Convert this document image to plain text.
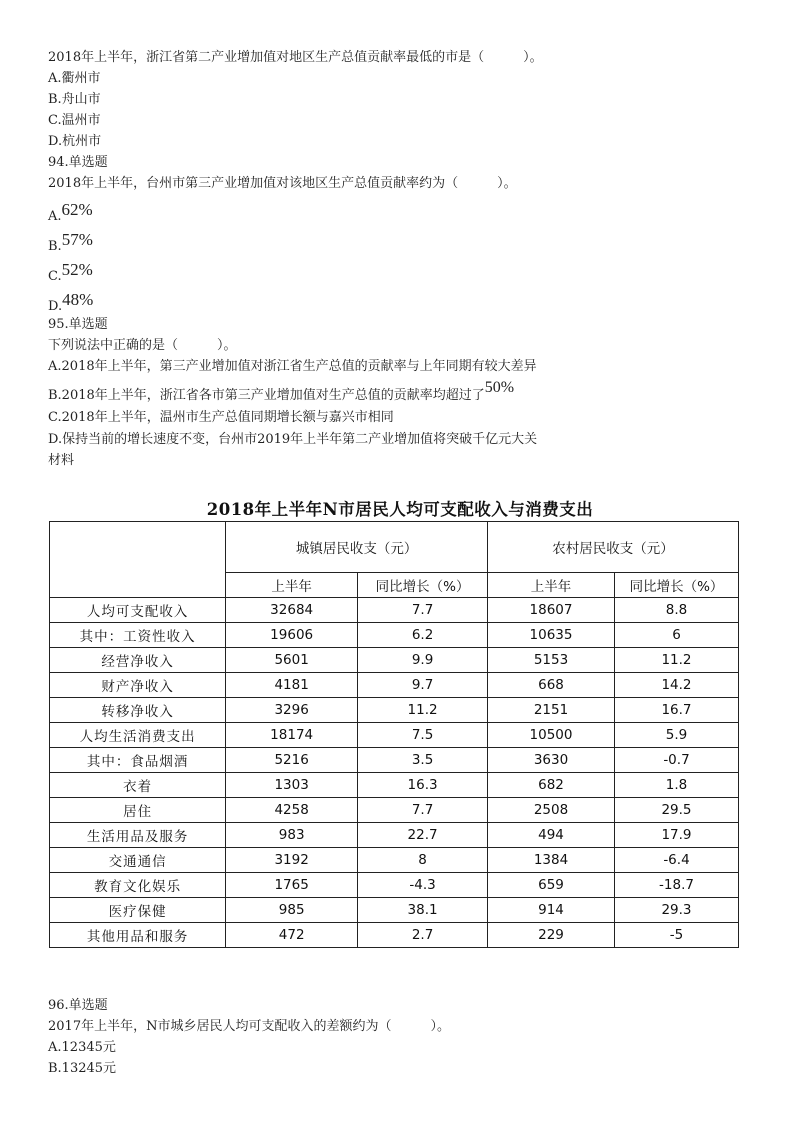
2018年上半年，浙江省第二产业增加值对地区生产总值贡献率最低的市是（　　　）。
A.衢州市
B.舟山市
C.温州市
D.杭州市
94.单选题
2018年上半年，台州市第三产业增加值对该地区生产总值贡献率约为（　　　）。
A.62%
B.57%
C.52%
D.48%
95.单选题
下列说法中正确的是（　　　）。
A.2018年上半年，第三产业增加值对浙江省生产总值的贡献率与上年同期有较大差异
B.2018年上半年，浙江省各市第三产业增加值对生产总值的贡献率均超过了50%
C.2018年上半年，温州市生产总值同期增长额与嘉兴市相同
D.保持当前的增长速度不变，台州市2019年上半年第二产业增加值将突破千亿元大关
材料
2018年上半年N市居民人均可支配收入与消费支出
	城镇居民收支（元）		农村居民收支（元）	
	上半年	同比增长（%）	上半年	同比增长（%）
人均可支配收入	32684	7.7	18607	8.8
其中：工资性收入	19606	6.2	10635	6
经营净收入	5601	9.9	5153	11.2
财产净收入	4181	9.7	668	14.2
转移净收入	3296	11.2	2151	16.7
人均生活消费支出	18174	7.5	10500	5.9
其中：食品烟酒	5216	3.5	3630	-0.7
衣着	1303	16.3	682	1.8
居住	4258	7.7	2508	29.5
生活用品及服务	983	22.7	494	17.9
交通通信	3192	8	1384	-6.4
教育文化娱乐	1765	-4.3	659	-18.7
医疗保健	985	38.1	914	29.3
其他用品和服务	472	2.7	229	-5
96.单选题
2017年上半年，N市城乡居民人均可支配收入的差额约为（　　　）。
A.12345元
B.13245元
